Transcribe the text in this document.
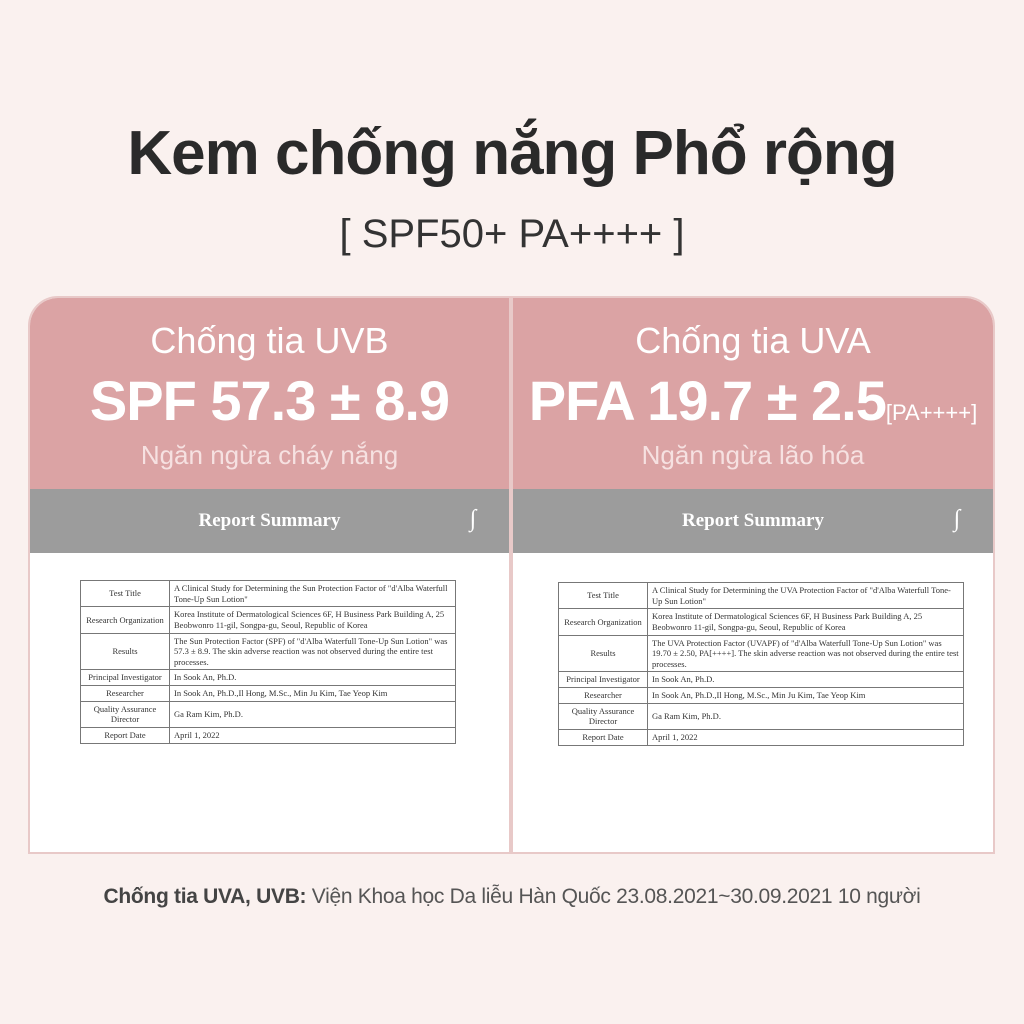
Kem chống nắng Phổ rộng
[ SPF50+ PA++++ ]
Chống tia UVB
SPF 57.3 ± 8.9
Ngăn ngừa cháy nắng
Report Summary	∫
Test Title	A Clinical Study for Determining the Sun Protection Factor of "d'Alba Waterfull Tone-Up Sun Lotion"
Research Organization	Korea Institute of Dermatological Sciences 6F, H Business Park Building A, 25 Beobwonro 11-gil, Songpa-gu, Seoul, Republic of Korea
Results	The Sun Protection Factor (SPF) of "d'Alba Waterfull Tone-Up Sun Lotion" was 57.3 ± 8.9. The skin adverse reaction was not observed during the entire test processes.
Principal Investigator	In Sook An, Ph.D.
Researcher	In Sook An, Ph.D.,Il Hong, M.Sc., Min Ju Kim, Tae Yeop Kim
Quality Assurance Director	Ga Ram Kim, Ph.D.
Report Date	April 1, 2022
Chống tia UVA
PFA 19.7 ± 2.5[PA++++]
Ngăn ngừa lão hóa
Report Summary	∫
Test Title	A Clinical Study for Determining the UVA Protection Factor of "d'Alba Waterfull Tone-Up Sun Lotion"
Research Organization	Korea Institute of Dermatological Sciences 6F, H Business Park Building A, 25 Beobwonro 11-gil, Songpa-gu, Seoul, Republic of Korea
Results	The UVA Protection Factor (UVAPF) of "d'Alba Waterfull Tone-Up Sun Lotion" was 19.70 ± 2.50, PA[++++]. The skin adverse reaction was not observed during the entire test processes.
Principal Investigator	In Sook An, Ph.D.
Researcher	In Sook An, Ph.D.,Il Hong, M.Sc., Min Ju Kim, Tae Yeop Kim
Quality Assurance Director	Ga Ram Kim, Ph.D.
Report Date	April 1, 2022
Chống tia UVA, UVB: Viện Khoa học Da liễu Hàn Quốc 23.08.2021~30.09.2021 10 người
